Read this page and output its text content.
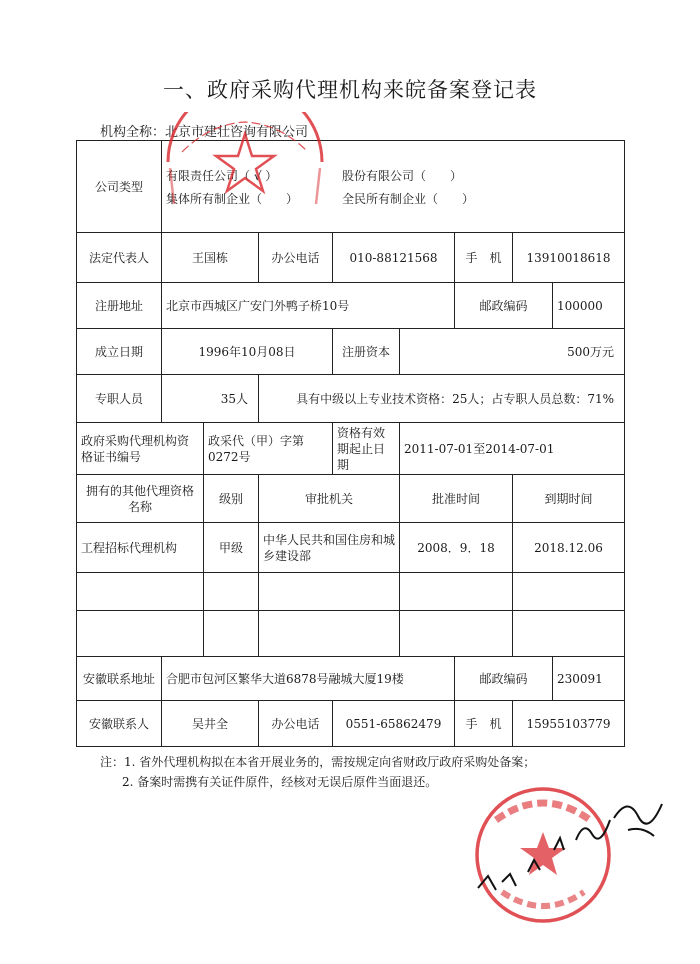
一、政府采购代理机构来皖备案登记表
机构全称：北京市建壮咨询有限公司
公司类型	有限责任公司（ √ ） 股份有限公司（　　）
集体所有制企业（　　） 全民所有制企业（　　）							

法定代表人	王国栋		办公电话	010-88121568		手　机	13910018618	
注册地址	北京市西城区广安门外鸭子桥10号					邮政编码		100000
成立日期	1996年10月08日			注册资本	500万元			
专职人员	35人		具有中级以上专业技术资格：25人；占专职人员总数：71%					
政府采购代理机构资格证书编号		政采代（甲）字第 0272号		资格有效期起止日期	2011-07-01至2014-07-01			
拥有的其他代理资格名称		级别	审批机关		批准时间		到期时间	
工程招标代理机构		甲级	中华人民共和国住房和城乡建设部		2008．9．18		2018.12.06	

安徽联系地址	合肥市包河区繁华大道6878号融城大厦19楼					邮政编码		230091
安徽联系人	吴井全		办公电话	0551-65862479		手　机	15955103779	
注：1. 省外代理机构拟在本省开展业务的，需按规定向省财政厅政府采购处备案；
2. 备案时需携有关证件原件，经核对无误后原件当面退还。
